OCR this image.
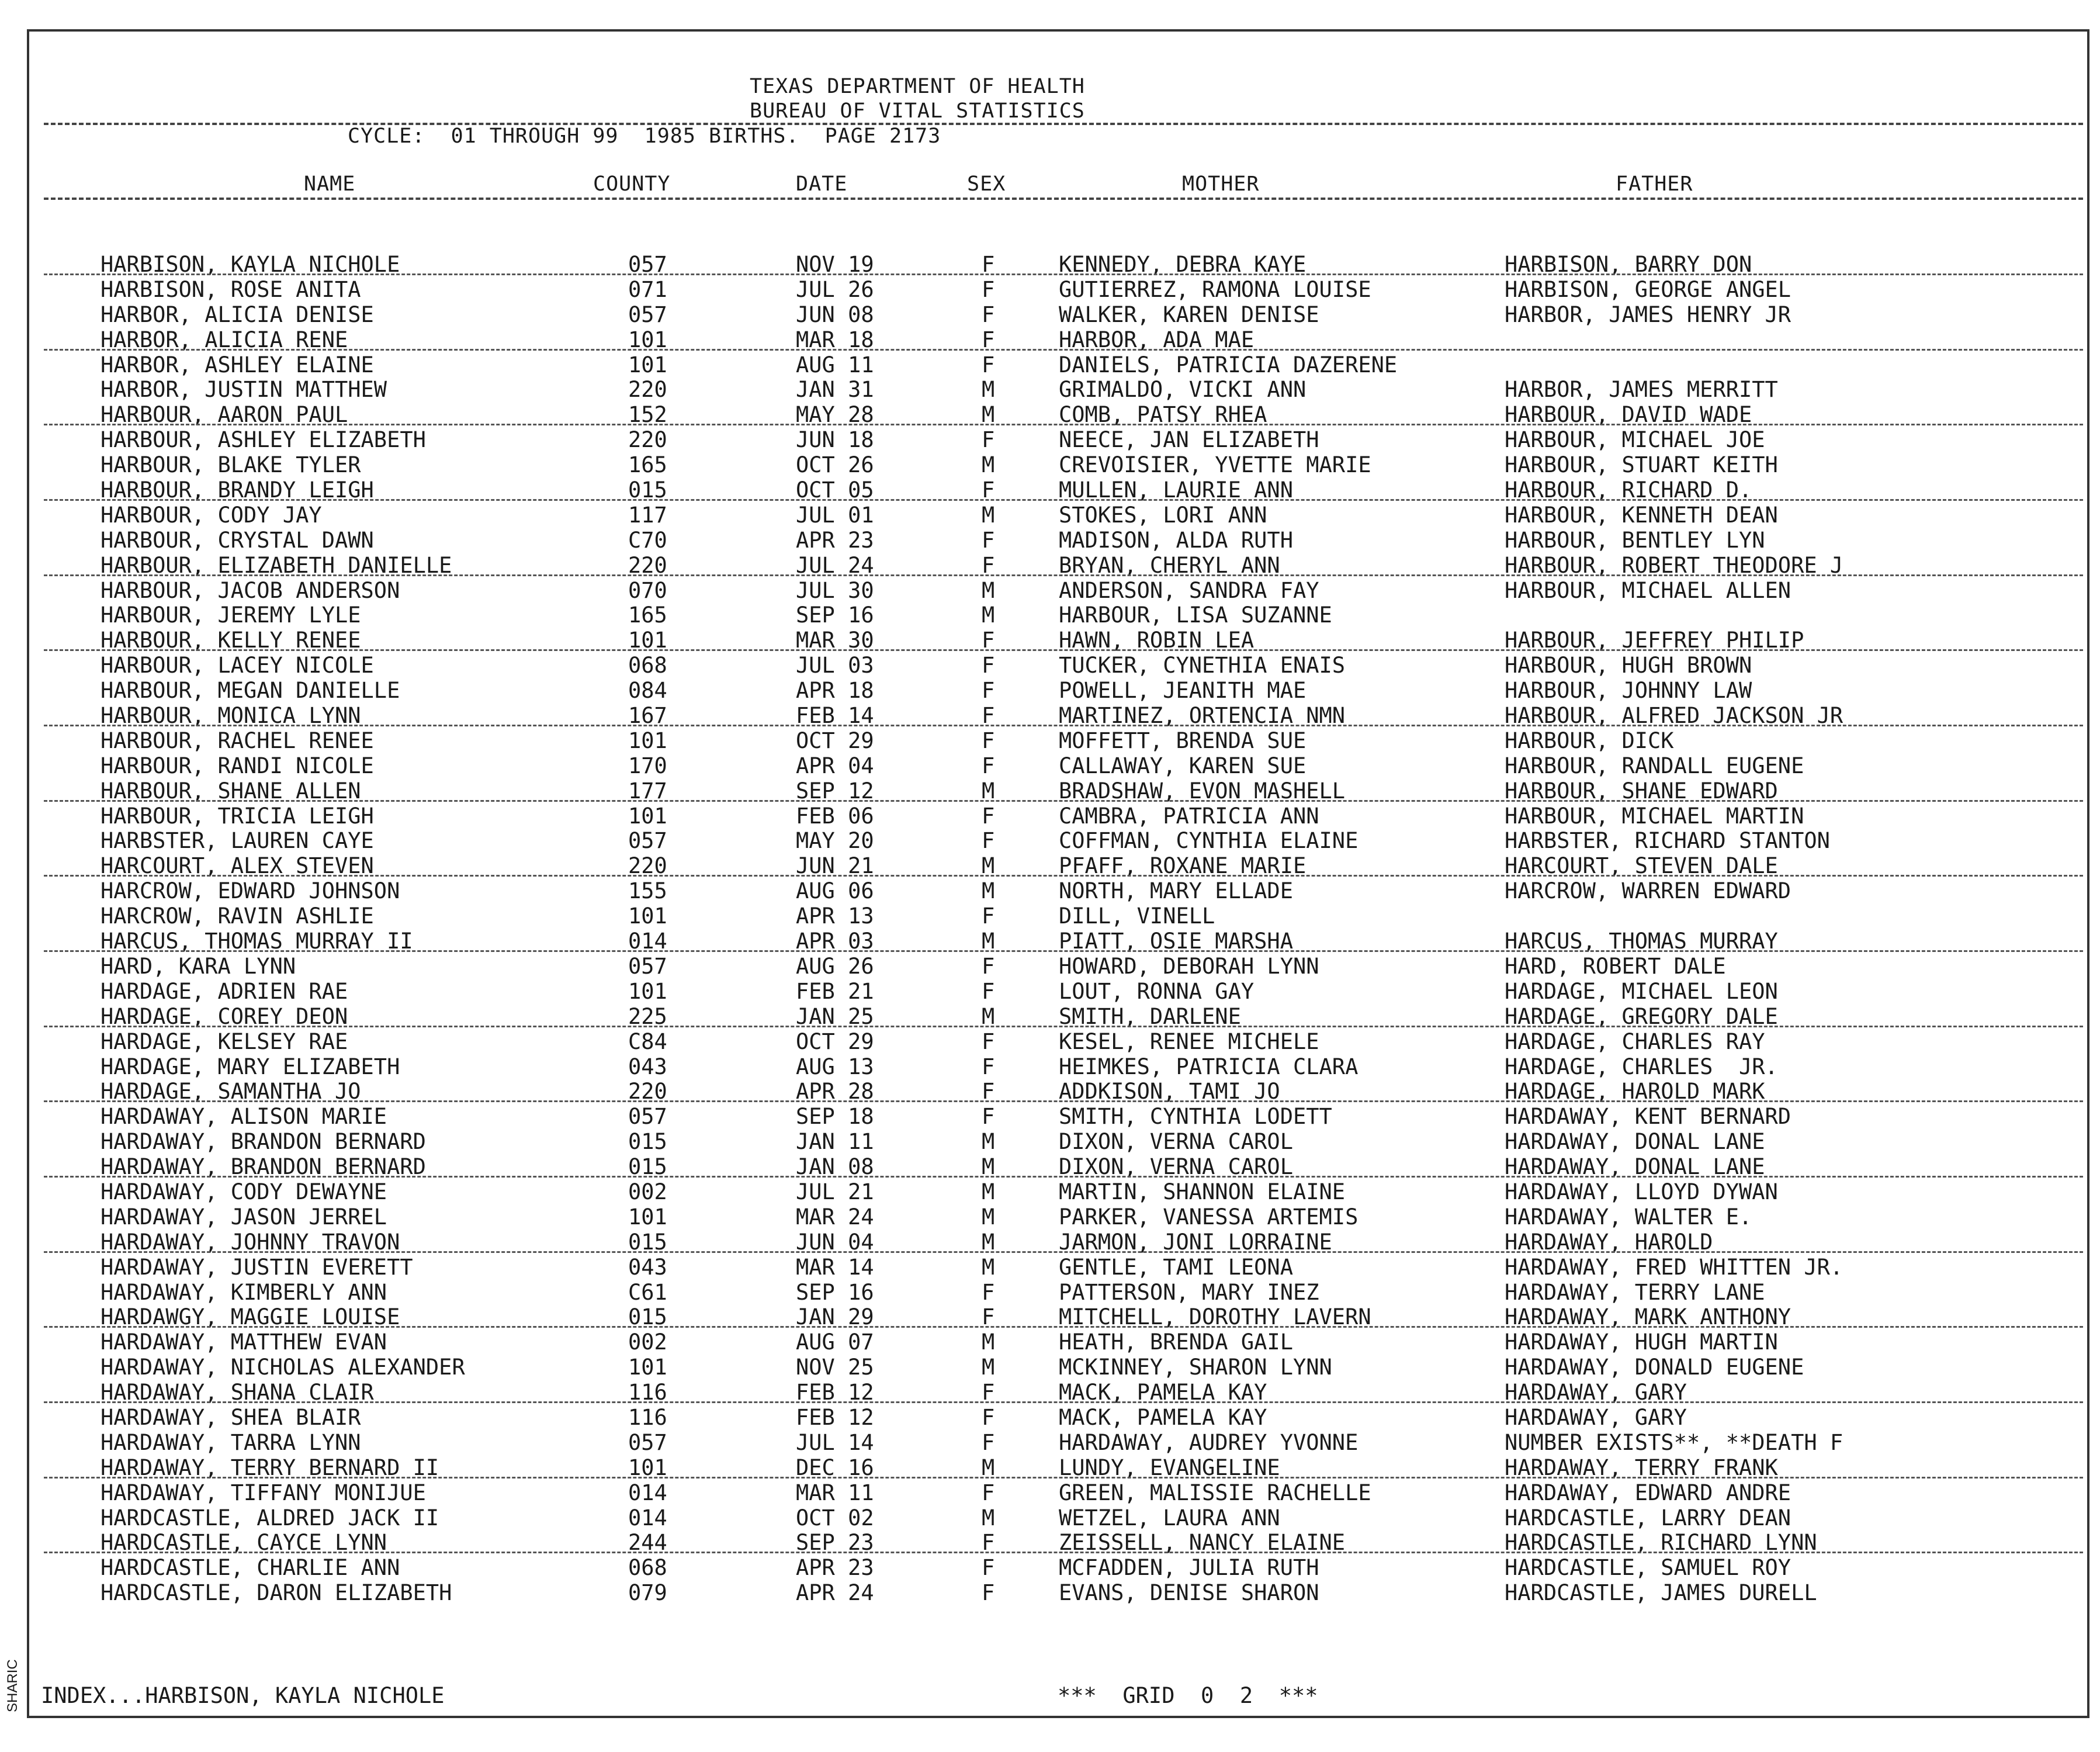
TEXAS DEPARTMENT OF HEALTH
BUREAU OF VITAL STATISTICS
CYCLE:  01 THROUGH 99  1985 BIRTHS.  PAGE 2173
NAME	COUNTY	DATE	SEX	MOTHER	FATHER
HARBISON, KAYLA NICHOLE	057	NOV 19	F	KENNEDY, DEBRA KAYE	HARBISON, BARRY DON
HARBISON, ROSE ANITA	071	JUL 26	F	GUTIERREZ, RAMONA LOUISE	HARBISON, GEORGE ANGEL
HARBOR, ALICIA DENISE	057	JUN 08	F	WALKER, KAREN DENISE	HARBOR, JAMES HENRY JR
HARBOR, ALICIA RENE	101	MAR 18	F	HARBOR, ADA MAE
HARBOR, ASHLEY ELAINE	101	AUG 11	F	DANIELS, PATRICIA DAZERENE
HARBOR, JUSTIN MATTHEW	220	JAN 31	M	GRIMALDO, VICKI ANN	HARBOR, JAMES MERRITT
HARBOUR, AARON PAUL	152	MAY 28	M	COMB, PATSY RHEA	HARBOUR, DAVID WADE
HARBOUR, ASHLEY ELIZABETH	220	JUN 18	F	NEECE, JAN ELIZABETH	HARBOUR, MICHAEL JOE
HARBOUR, BLAKE TYLER	165	OCT 26	M	CREVOISIER, YVETTE MARIE	HARBOUR, STUART KEITH
HARBOUR, BRANDY LEIGH	015	OCT 05	F	MULLEN, LAURIE ANN	HARBOUR, RICHARD D.
HARBOUR, CODY JAY	117	JUL 01	M	STOKES, LORI ANN	HARBOUR, KENNETH DEAN
HARBOUR, CRYSTAL DAWN	C70	APR 23	F	MADISON, ALDA RUTH	HARBOUR, BENTLEY LYN
HARBOUR, ELIZABETH DANIELLE	220	JUL 24	F	BRYAN, CHERYL ANN	HARBOUR, ROBERT THEODORE J
HARBOUR, JACOB ANDERSON	070	JUL 30	M	ANDERSON, SANDRA FAY	HARBOUR, MICHAEL ALLEN
HARBOUR, JEREMY LYLE	165	SEP 16	M	HARBOUR, LISA SUZANNE
HARBOUR, KELLY RENEE	101	MAR 30	F	HAWN, ROBIN LEA	HARBOUR, JEFFREY PHILIP
HARBOUR, LACEY NICOLE	068	JUL 03	F	TUCKER, CYNETHIA ENAIS	HARBOUR, HUGH BROWN
HARBOUR, MEGAN DANIELLE	084	APR 18	F	POWELL, JEANITH MAE	HARBOUR, JOHNNY LAW
HARBOUR, MONICA LYNN	167	FEB 14	F	MARTINEZ, ORTENCIA NMN	HARBOUR, ALFRED JACKSON JR
HARBOUR, RACHEL RENEE	101	OCT 29	F	MOFFETT, BRENDA SUE	HARBOUR, DICK
HARBOUR, RANDI NICOLE	170	APR 04	F	CALLAWAY, KAREN SUE	HARBOUR, RANDALL EUGENE
HARBOUR, SHANE ALLEN	177	SEP 12	M	BRADSHAW, EVON MASHELL	HARBOUR, SHANE EDWARD
HARBOUR, TRICIA LEIGH	101	FEB 06	F	CAMBRA, PATRICIA ANN	HARBOUR, MICHAEL MARTIN
HARBSTER, LAUREN CAYE	057	MAY 20	F	COFFMAN, CYNTHIA ELAINE	HARBSTER, RICHARD STANTON
HARCOURT, ALEX STEVEN	220	JUN 21	M	PFAFF, ROXANE MARIE	HARCOURT, STEVEN DALE
HARCROW, EDWARD JOHNSON	155	AUG 06	M	NORTH, MARY ELLADE	HARCROW, WARREN EDWARD
HARCROW, RAVIN ASHLIE	101	APR 13	F	DILL, VINELL
HARCUS, THOMAS MURRAY II	014	APR 03	M	PIATT, OSIE MARSHA	HARCUS, THOMAS MURRAY
HARD, KARA LYNN	057	AUG 26	F	HOWARD, DEBORAH LYNN	HARD, ROBERT DALE
HARDAGE, ADRIEN RAE	101	FEB 21	F	LOUT, RONNA GAY	HARDAGE, MICHAEL LEON
HARDAGE, COREY DEON	225	JAN 25	M	SMITH, DARLENE	HARDAGE, GREGORY DALE
HARDAGE, KELSEY RAE	C84	OCT 29	F	KESEL, RENEE MICHELE	HARDAGE, CHARLES RAY
HARDAGE, MARY ELIZABETH	043	AUG 13	F	HEIMKES, PATRICIA CLARA	HARDAGE, CHARLES  JR.
HARDAGE, SAMANTHA JO	220	APR 28	F	ADDKISON, TAMI JO	HARDAGE, HAROLD MARK
HARDAWAY, ALISON MARIE	057	SEP 18	F	SMITH, CYNTHIA LODETT	HARDAWAY, KENT BERNARD
HARDAWAY, BRANDON BERNARD	015	JAN 11	M	DIXON, VERNA CAROL	HARDAWAY, DONAL LANE
HARDAWAY, BRANDON BERNARD	015	JAN 08	M	DIXON, VERNA CAROL	HARDAWAY, DONAL LANE
HARDAWAY, CODY DEWAYNE	002	JUL 21	M	MARTIN, SHANNON ELAINE	HARDAWAY, LLOYD DYWAN
HARDAWAY, JASON JERREL	101	MAR 24	M	PARKER, VANESSA ARTEMIS	HARDAWAY, WALTER E.
HARDAWAY, JOHNNY TRAVON	015	JUN 04	M	JARMON, JONI LORRAINE	HARDAWAY, HAROLD
HARDAWAY, JUSTIN EVERETT	043	MAR 14	M	GENTLE, TAMI LEONA	HARDAWAY, FRED WHITTEN JR.
HARDAWAY, KIMBERLY ANN	C61	SEP 16	F	PATTERSON, MARY INEZ	HARDAWAY, TERRY LANE
HARDAWGY, MAGGIE LOUISE	015	JAN 29	F	MITCHELL, DOROTHY LAVERN	HARDAWAY, MARK ANTHONY
HARDAWAY, MATTHEW EVAN	002	AUG 07	M	HEATH, BRENDA GAIL	HARDAWAY, HUGH MARTIN
HARDAWAY, NICHOLAS ALEXANDER	101	NOV 25	M	MCKINNEY, SHARON LYNN	HARDAWAY, DONALD EUGENE
HARDAWAY, SHANA CLAIR	116	FEB 12	F	MACK, PAMELA KAY	HARDAWAY, GARY
HARDAWAY, SHEA BLAIR	116	FEB 12	F	MACK, PAMELA KAY	HARDAWAY, GARY
HARDAWAY, TARRA LYNN	057	JUL 14	F	HARDAWAY, AUDREY YVONNE	NUMBER EXISTS**, **DEATH F
HARDAWAY, TERRY BERNARD II	101	DEC 16	M	LUNDY, EVANGELINE	HARDAWAY, TERRY FRANK
HARDAWAY, TIFFANY MONIJUE	014	MAR 11	F	GREEN, MALISSIE RACHELLE	HARDAWAY, EDWARD ANDRE
HARDCASTLE, ALDRED JACK II	014	OCT 02	M	WETZEL, LAURA ANN	HARDCASTLE, LARRY DEAN
HARDCASTLE, CAYCE LYNN	244	SEP 23	F	ZEISSELL, NANCY ELAINE	HARDCASTLE, RICHARD LYNN
HARDCASTLE, CHARLIE ANN	068	APR 23	F	MCFADDEN, JULIA RUTH	HARDCASTLE, SAMUEL ROY
HARDCASTLE, DARON ELIZABETH	079	APR 24	F	EVANS, DENISE SHARON	HARDCASTLE, JAMES DURELL
INDEX...HARBISON, KAYLA NICHOLE	***  GRID  0  2  ***
SHARIC
